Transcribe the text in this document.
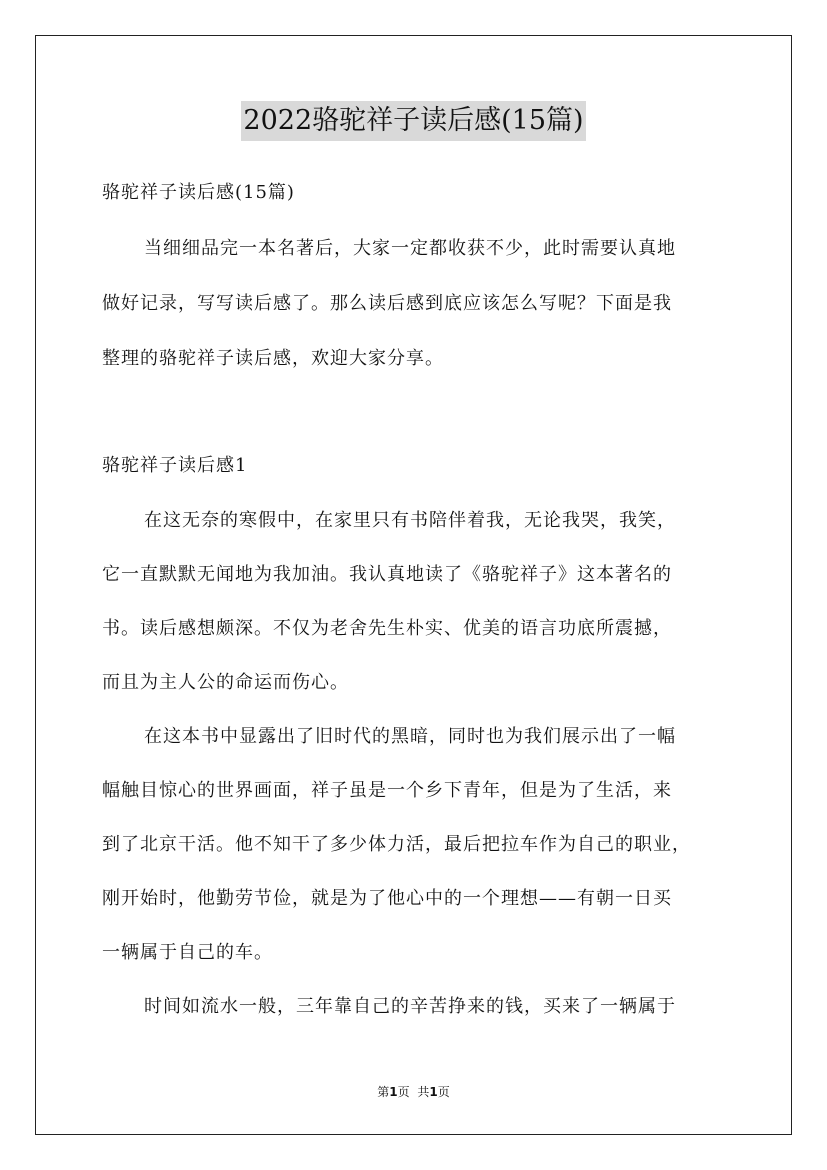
2022骆驼祥子读后感(15篇)
骆驼祥子读后感(15篇)
当细细品完一本名著后，大家一定都收获不少，此时需要认真地
做好记录，写写读后感了。那么读后感到底应该怎么写呢？下面是我
整理的骆驼祥子读后感，欢迎大家分享。
骆驼祥子读后感1
在这无奈的寒假中，在家里只有书陪伴着我，无论我哭，我笑，
它一直默默无闻地为我加油。我认真地读了《骆驼祥子》这本著名的
书。读后感想颇深。不仅为老舍先生朴实、优美的语言功底所震撼，
而且为主人公的命运而伤心。
在这本书中显露出了旧时代的黑暗，同时也为我们展示出了一幅
幅触目惊心的世界画面，祥子虽是一个乡下青年，但是为了生活，来
到了北京干活。他不知干了多少体力活，最后把拉车作为自己的职业，
刚开始时，他勤劳节俭，就是为了他心中的一个理想——有朝一日买
一辆属于自己的车。
时间如流水一般，三年靠自己的辛苦挣来的钱，买来了一辆属于
第1页 共1页
